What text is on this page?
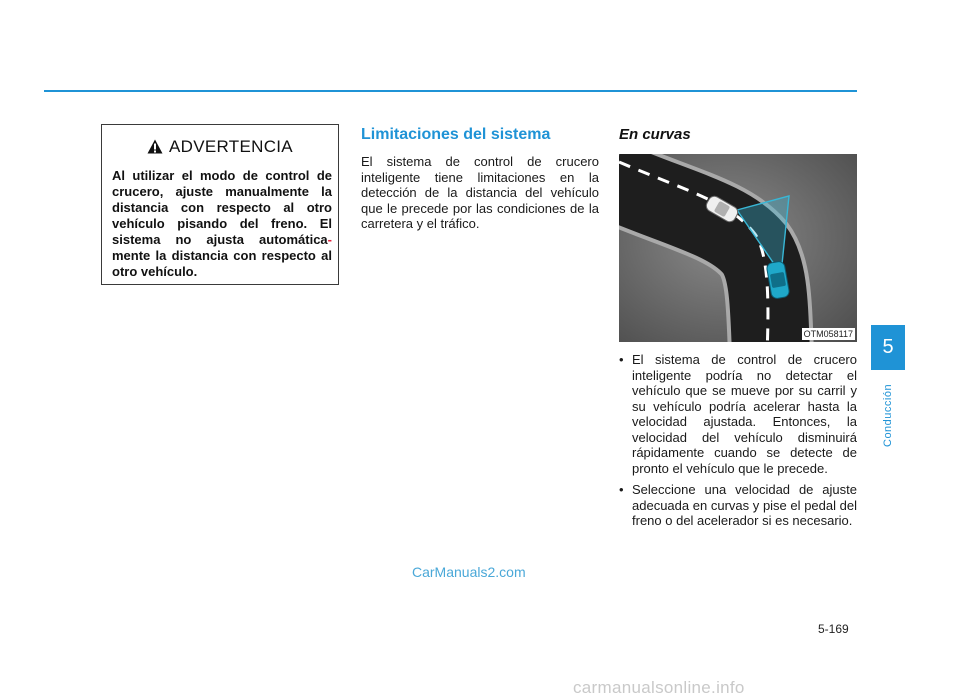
ADVERTENCIA
Al utilizar el modo de control de crucero, ajuste manualmente la distancia con respecto al otro vehículo pisando del freno. El sistema no ajusta automática- mente la distancia con respecto al otro vehículo.
Limitaciones del sistema

El sistema de control de crucero inteligente tiene limitaciones en la detección de la distancia del vehículo que le precede por las condiciones de la carretera y el tráfico.

En curvas
OTM058117
• El sistema de control de crucero inteligente podría no detectar el vehículo que se mueve por su carril y su vehículo podría acelerar hasta la velocidad ajustada. Entonces, la velocidad del vehículo disminuirá rápidamente cuando se detecte de pronto el vehículo que le precede.
• Seleccione una velocidad de ajuste adecuada en curvas y pise el pedal del freno o del acelerador si es necesario.
5
Conducción
CarManuals2.com
5-169
carmanualsonline.info
